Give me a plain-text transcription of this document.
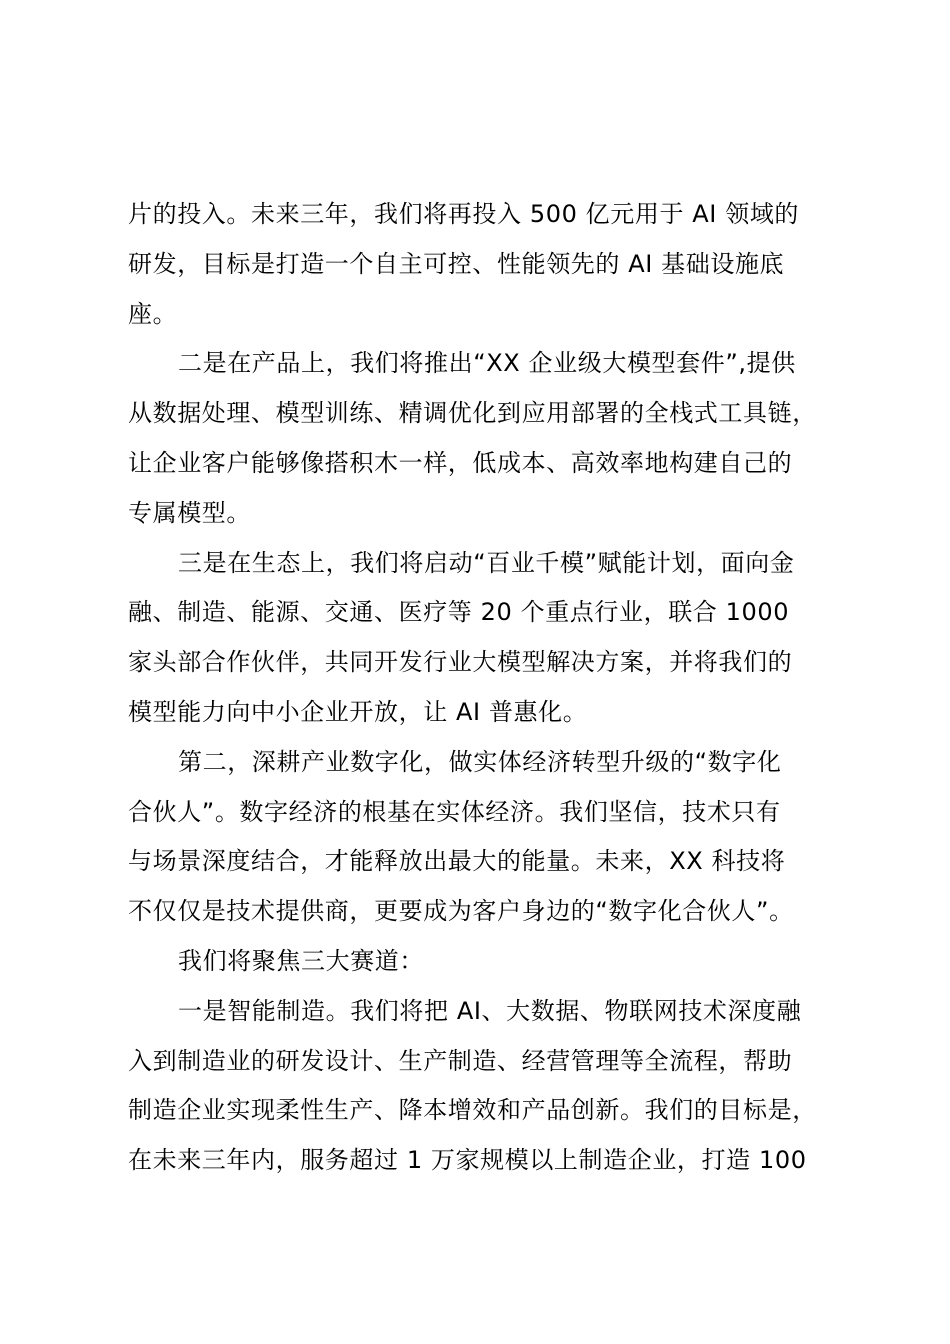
片的投入。未来三年，我们将再投入 500 亿元用于 AI 领域的
研发，目标是打造一个自主可控、性能领先的 AI 基础设施底
座。

二是在产品上，我们将推出“XX 企业级大模型套件”,提供
从数据处理、模型训练、精调优化到应用部署的全栈式工具链，
让企业客户能够像搭积木一样，低成本、高效率地构建自己的
专属模型。

三是在生态上，我们将启动“百业千模”赋能计划，面向金
融、制造、能源、交通、医疗等 20 个重点行业，联合 1000
家头部合作伙伴，共同开发行业大模型解决方案，并将我们的
模型能力向中小企业开放，让 AI 普惠化。

第二，深耕产业数字化，做实体经济转型升级的“数字化
合伙人”。数字经济的根基在实体经济。我们坚信，技术只有
与场景深度结合，才能释放出最大的能量。未来，XX 科技将
不仅仅是技术提供商，更要成为客户身边的“数字化合伙人”。

我们将聚焦三大赛道：

一是智能制造。我们将把 AI、大数据、物联网技术深度融
入到制造业的研发设计、生产制造、经营管理等全流程，帮助
制造企业实现柔性生产、降本增效和产品创新。我们的目标是，
在未来三年内，服务超过 1 万家规模以上制造企业，打造 100
